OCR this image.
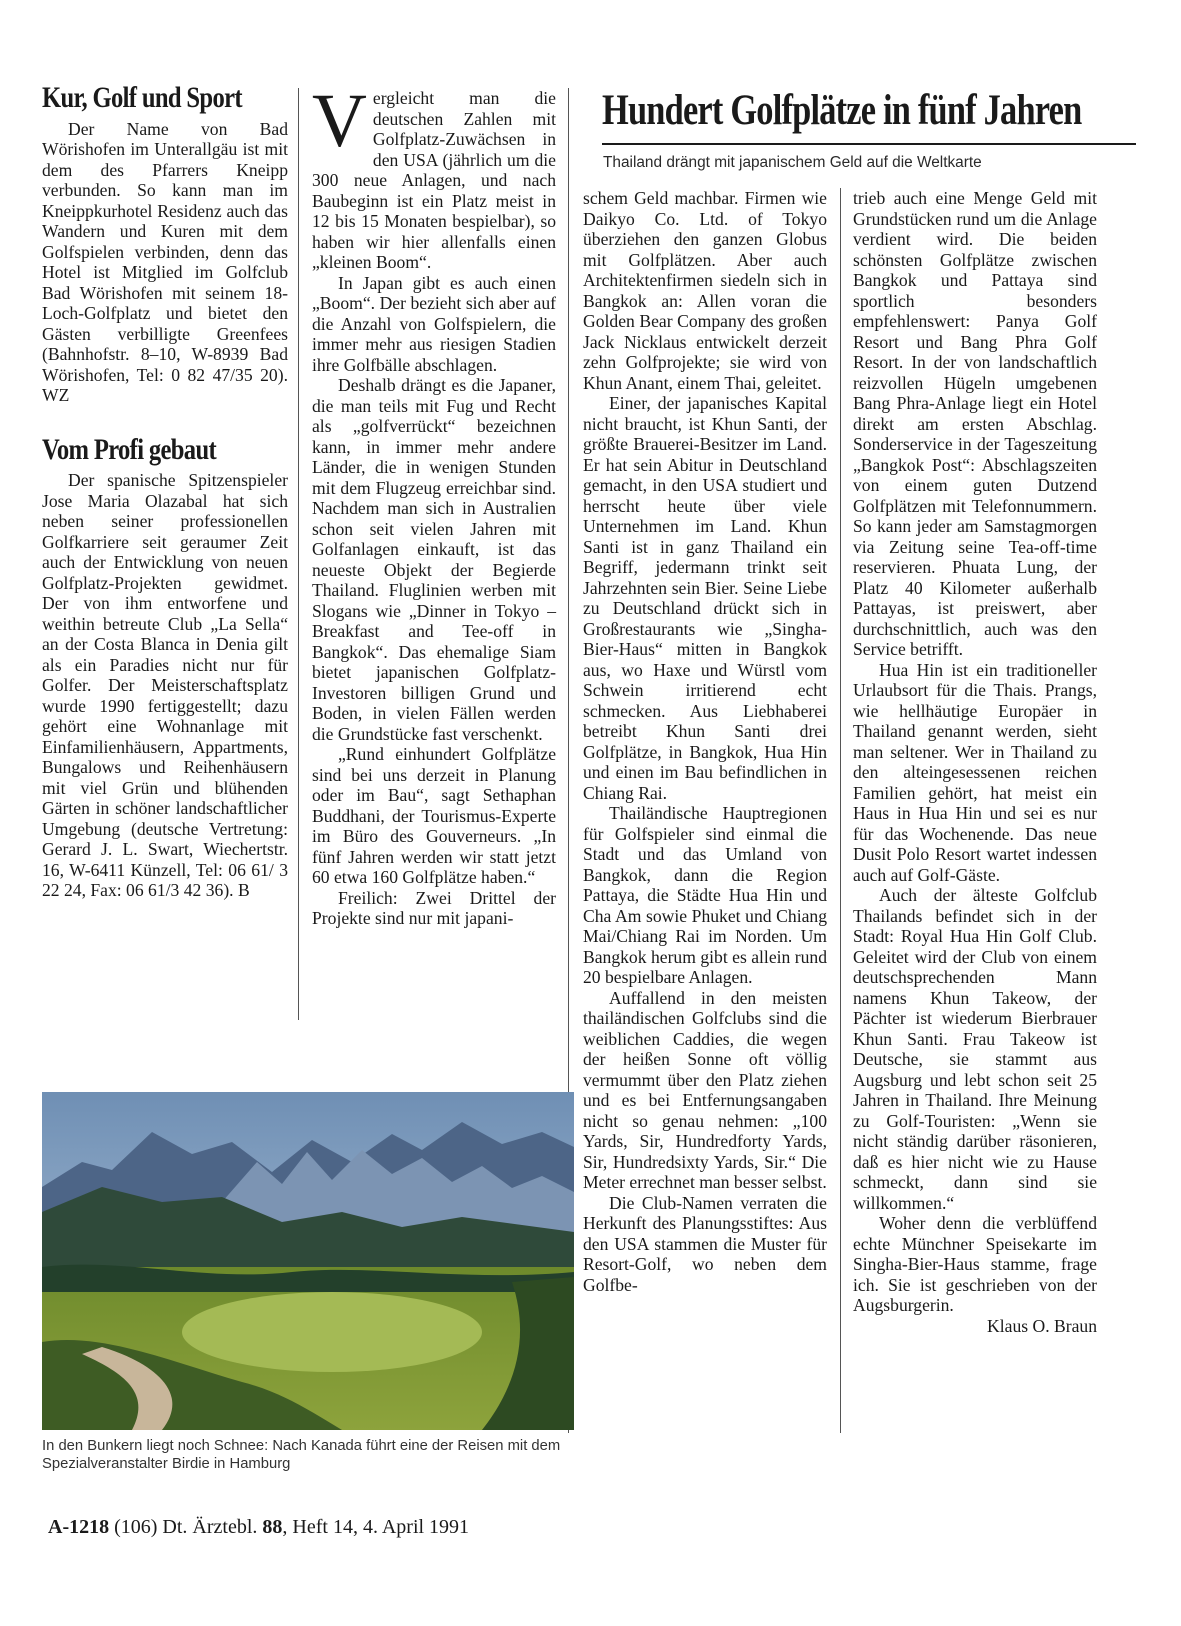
Kur, Golf und Sport

Der Name von Bad Wörishofen im Unterallgäu ist mit dem des Pfarrers Kneipp verbunden. So kann man im Kneippkurhotel Residenz auch das Wandern und Kuren mit dem Golfspielen verbinden, denn das Hotel ist Mitglied im Golfclub Bad Wörishofen mit seinem 18-Loch-Golfplatz und bietet den Gästen verbilligte Greenfees (Bahnhofstr. 8–10, W-8939 Bad Wörishofen, Tel: 0 82 47/35 20). WZ

Vom Profi gebaut

Der spanische Spitzenspieler Jose Maria Olazabal hat sich neben seiner professionellen Golfkarriere seit geraumer Zeit auch der Entwicklung von neuen Golfplatz-Projekten gewidmet. Der von ihm entworfene und weithin betreute Club „La Sella“ an der Costa Blanca in Denia gilt als ein Paradies nicht nur für Golfer. Der Meisterschaftsplatz wurde 1990 fertiggestellt; dazu gehört eine Wohnanlage mit Einfamilienhäusern, Appartments, Bungalows und Reihenhäusern mit viel Grün und blühenden Gärten in schöner landschaftlicher Umgebung (deutsche Vertretung: Gerard J. L. Swart, Wiechertstr. 16, W-6411 Künzell, Tel: 06 61/ 3 22 24, Fax: 06 61/3 42 36). B

Vergleicht man die deutschen Zahlen mit Golfplatz-Zuwächsen in den USA (jährlich um die 300 neue Anlagen, und nach Baubeginn ist ein Platz meist in 12 bis 15 Monaten bespielbar), so haben wir hier allenfalls einen „kleinen Boom“.

In Japan gibt es auch einen „Boom“. Der bezieht sich aber auf die Anzahl von Golfspielern, die immer mehr aus riesigen Stadien ihre Golfbälle abschlagen.

Deshalb drängt es die Japaner, die man teils mit Fug und Recht als „golfverrückt“ bezeichnen kann, in immer mehr andere Länder, die in wenigen Stunden mit dem Flugzeug erreichbar sind. Nachdem man sich in Australien schon seit vielen Jahren mit Golfanlagen einkauft, ist das neueste Objekt der Begierde Thailand. Fluglinien werben mit Slogans wie „Dinner in Tokyo – Breakfast and Tee-off in Bangkok“. Das ehemalige Siam bietet japanischen Golfplatz-Investoren billigen Grund und Boden, in vielen Fällen werden die Grundstücke fast verschenkt.

„Rund einhundert Golfplätze sind bei uns derzeit in Planung oder im Bau“, sagt Sethaphan Buddhani, der Tourismus-Experte im Büro des Gouverneurs. „In fünf Jahren werden wir statt jetzt 60 etwa 160 Golfplätze haben.“

Freilich: Zwei Drittel der Projekte sind nur mit japani-

Hundert Golfplätze in fünf Jahren
Thailand drängt mit japanischem Geld auf die Weltkarte

schem Geld machbar. Firmen wie Daikyo Co. Ltd. of Tokyo überziehen den ganzen Globus mit Golfplätzen. Aber auch Architektenfirmen siedeln sich in Bangkok an: Allen voran die Golden Bear Company des großen Jack Nicklaus entwickelt derzeit zehn Golfprojekte; sie wird von Khun Anant, einem Thai, geleitet.

Einer, der japanisches Kapital nicht braucht, ist Khun Santi, der größte Brauerei-Besitzer im Land. Er hat sein Abitur in Deutschland gemacht, in den USA studiert und herrscht heute über viele Unternehmen im Land. Khun Santi ist in ganz Thailand ein Begriff, jedermann trinkt seit Jahrzehnten sein Bier. Seine Liebe zu Deutschland drückt sich in Großrestaurants wie „Singha-Bier-Haus“ mitten in Bangkok aus, wo Haxe und Würstl vom Schwein irritierend echt schmecken. Aus Liebhaberei betreibt Khun Santi drei Golfplätze, in Bangkok, Hua Hin und einen im Bau befindlichen in Chiang Rai.

Thailändische Hauptregionen für Golfspieler sind einmal die Stadt und das Umland von Bangkok, dann die Region Pattaya, die Städte Hua Hin und Cha Am sowie Phuket und Chiang Mai/Chiang Rai im Norden. Um Bangkok herum gibt es allein rund 20 bespielbare Anlagen.

Auffallend in den meisten thailändischen Golfclubs sind die weiblichen Caddies, die wegen der heißen Sonne oft völlig vermummt über den Platz ziehen und es bei Entfernungsangaben nicht so genau nehmen: „100 Yards, Sir, Hundredforty Yards, Sir, Hundredsixty Yards, Sir.“ Die Meter errechnet man besser selbst.

Die Club-Namen verraten die Herkunft des Planungsstiftes: Aus den USA stammen die Muster für Resort-Golf, wo neben dem Golfbe-

trieb auch eine Menge Geld mit Grundstücken rund um die Anlage verdient wird. Die beiden schönsten Golfplätze zwischen Bangkok und Pattaya sind sportlich besonders empfehlenswert: Panya Golf Resort und Bang Phra Golf Resort. In der von landschaftlich reizvollen Hügeln umgebenen Bang Phra-Anlage liegt ein Hotel direkt am ersten Abschlag. Sonderservice in der Tageszeitung „Bangkok Post“: Abschlagszeiten von einem guten Dutzend Golfplätzen mit Telefonnummern. So kann jeder am Samstagmorgen via Zeitung seine Tea-off-time reservieren. Phuata Lung, der Platz 40 Kilometer außerhalb Pattayas, ist preiswert, aber durchschnittlich, auch was den Service betrifft.

Hua Hin ist ein traditioneller Urlaubsort für die Thais. Prangs, wie hellhäutige Europäer in Thailand genannt werden, sieht man seltener. Wer in Thailand zu den alteingesessenen reichen Familien gehört, hat meist ein Haus in Hua Hin und sei es nur für das Wochenende. Das neue Dusit Polo Resort wartet indessen auch auf Golf-Gäste.

Auch der älteste Golfclub Thailands befindet sich in der Stadt: Royal Hua Hin Golf Club. Geleitet wird der Club von einem deutschsprechenden Mann namens Khun Takeow, der Pächter ist wiederum Bierbrauer Khun Santi. Frau Takeow ist Deutsche, sie stammt aus Augsburg und lebt schon seit 25 Jahren in Thailand. Ihre Meinung zu Golf-Touristen: „Wenn sie nicht ständig darüber räsonieren, daß es hier nicht wie zu Hause schmeckt, dann sind sie willkommen.“

Woher denn die verblüffend echte Münchner Speisekarte im Singha-Bier-Haus stamme, frage ich. Sie ist geschrieben von der Augsburgerin.

Klaus O. Braun

In den Bunkern liegt noch Schnee: Nach Kanada führt eine der Reisen mit dem Spezialveranstalter Birdie in Hamburg
A-1218 (106) Dt. Ärztebl. 88, Heft 14, 4. April 1991
